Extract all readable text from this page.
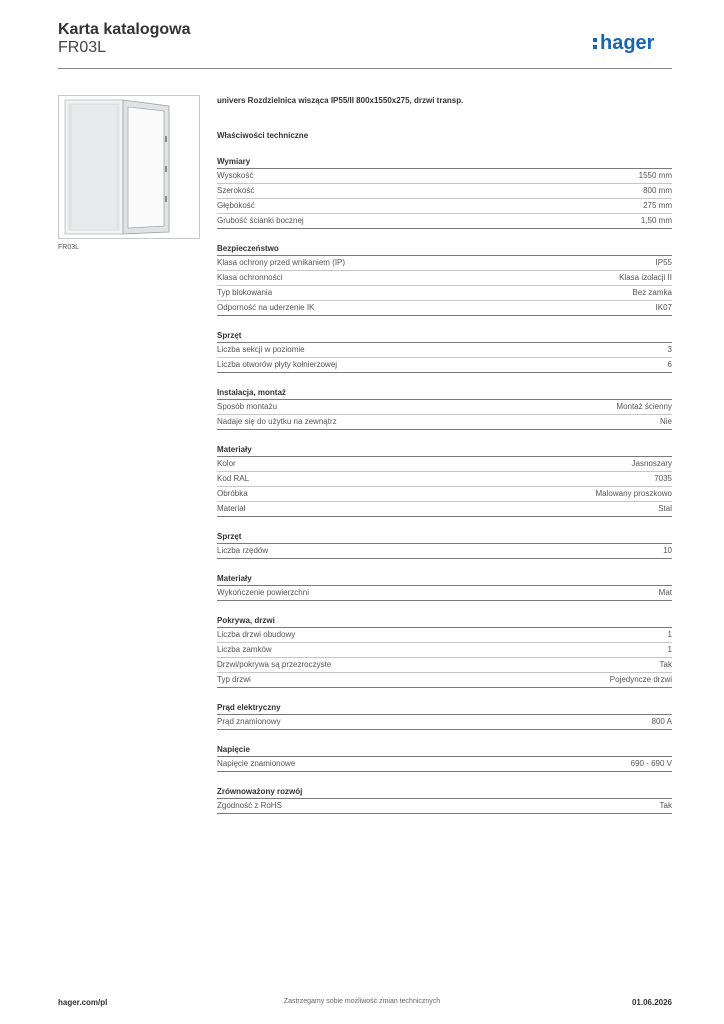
Karta katalogowa
FR03L	hager
FR03L
univers Rozdzielnica wisząca IP55/II 800x1550x275, drzwi transp.
Właściwości techniczne
Wymiary
Wysokość	1550 mm
Szerokość	800 mm
Głębokość	275 mm
Grubość ścianki bocznej	1,50 mm
Bezpieczeństwo
Klasa ochrony przed wnikaniem (IP)	IP55
Klasa ochronności	Klasa izolacji II
Typ blokowania	Bez zamka
Odporność na uderzenie IK	IK07
Sprzęt
Liczba sekcji w poziomie	3
Liczba otworów płyty kołnierzowej	6
Instalacja, montaż
Sposób montażu	Montaż ścienny
Nadaje się do użytku na zewnątrz	Nie
Materiały
Kolor	Jasnoszary
Kod RAL	7035
Obróbka	Malowany proszkowo
Materiał	Stal
Sprzęt
Liczba rzędów	10
Materiały
Wykończenie powierzchni	Mat
Pokrywa, drzwi
Liczba drzwi obudowy	1
Liczba zamków	1
Drzwi/pokrywa są przezroczyste	Tak
Typ drzwi	Pojedyncze drzwi
Prąd elektryczny
Prąd znamionowy	800 A
Napięcie
Napięcie znamionowe	690 - 690 V
Zrównoważony rozwój
Zgodność z RoHS	Tak
hager.com/pl	Zastrzegamy sobie możliwość zmian technicznych	01.06.2026
